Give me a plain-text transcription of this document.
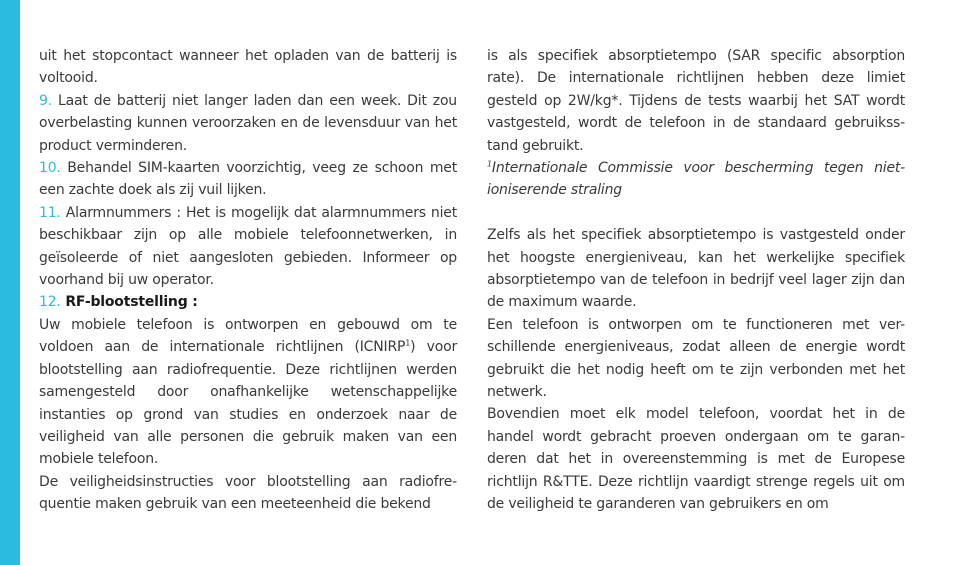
uit het stopcontact wanneer het opladen van de batterij is voltooid.

9. Laat de batterij niet langer laden dan een week. Dit zou overbelasting kunnen veroorzaken en de levensduur van het product verminderen.

10. Behandel SIM-kaarten voorzichtig, veeg ze schoon met een zachte doek als zij vuil lijken.

11. Alarmnummers : Het is mogelijk dat alarmnummers niet beschikbaar zijn op alle mobiele telefoonnetwerken, in geïsoleerde of niet aangesloten gebieden. Informeer op voorhand bij uw operator.

12. RF-blootstelling :

Uw mobiele telefoon is ontworpen en gebouwd om te voldoen aan de internationale richtlijnen (ICNIRP$^1$) voor blootstelling aan radiofrequentie. Deze richtlijnen werden samengesteld door onafhankelijke wetenschappelijke instanties op grond van studies en onderzoek naar de veiligheid van alle personen die gebruik maken van een mobiele telefoon.

De veiligheidsinstructies voor blootstelling aan radiofre-quentie maken gebruik van een meeteenheid die bekend

is als specifiek absorptietempo (SAR specific absorption rate). De internationale richtlijnen hebben deze limiet gesteld op 2W/kg*. Tijdens de tests waarbij het SAT wordt vastgesteld, wordt de telefoon in de standaard gebruikss-tand gebruikt.

$^1$Internationale Commissie voor bescherming tegen niet-ioniserende straling

Zelfs als het specifiek absorptietempo is vastgesteld onder het hoogste energieniveau, kan het werkelijke specifiek absorptietempo van de telefoon in bedrijf veel lager zijn dan de maximum waarde.

Een telefoon is ontworpen om te functioneren met ver-schillende energieniveaus, zodat alleen de energie wordt gebruikt die het nodig heeft om te zijn verbonden met het netwerk.

Bovendien moet elk model telefoon, voordat het in de handel wordt gebracht proeven ondergaan om te garan-deren dat het in overeenstemming is met de Europese richtlijn R&TTE. Deze richtlijn vaardigt strenge regels uit om de veiligheid te garanderen van gebruikers en om
